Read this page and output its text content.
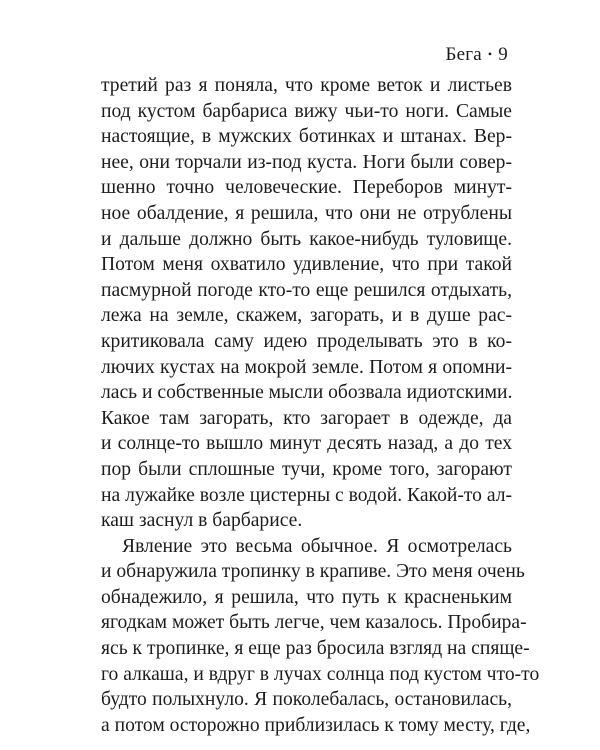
Бега • 9
третий раз я поняла, что кроме веток и листьев
под кустом барбариса вижу чьи-то ноги. Самые
настоящие, в мужских ботинках и штанах. Вер-
нее, они торчали из-под куста. Ноги были совер-
шенно точно человеческие. Переборов минут-
ное обалдение, я решила, что они не отрублены
и дальше должно быть какое-нибудь туловище.
Потом меня охватило удивление, что при такой
пасмурной погоде кто-то еще решился отдыхать,
лежа на земле, скажем, загорать, и в душе рас-
критиковала саму идею проделывать это в ко-
лючих кустах на мокрой земле. Потом я опомни-
лась и собственные мысли обозвала идиотскими.
Какое там загорать, кто загорает в одежде, да
и солнце-то вышло минут десять назад, а до тех
пор были сплошные тучи, кроме того, загорают
на лужайке возле цистерны с водой. Какой-то ал-
каш заснул в барбарисе.
Явление это весьма обычное. Я осмотрелась
и обнаружила тропинку в крапиве. Это меня очень
обнадежило, я решила, что путь к красненьким
ягодкам может быть легче, чем казалось. Пробира-
ясь к тропинке, я еще раз бросила взгляд на спяще-
го алкаша, и вдруг в лучах солнца под кустом что-то
будто полыхнуло. Я поколебалась, остановилась,
а потом осторожно приблизилась к тому месту, где,
